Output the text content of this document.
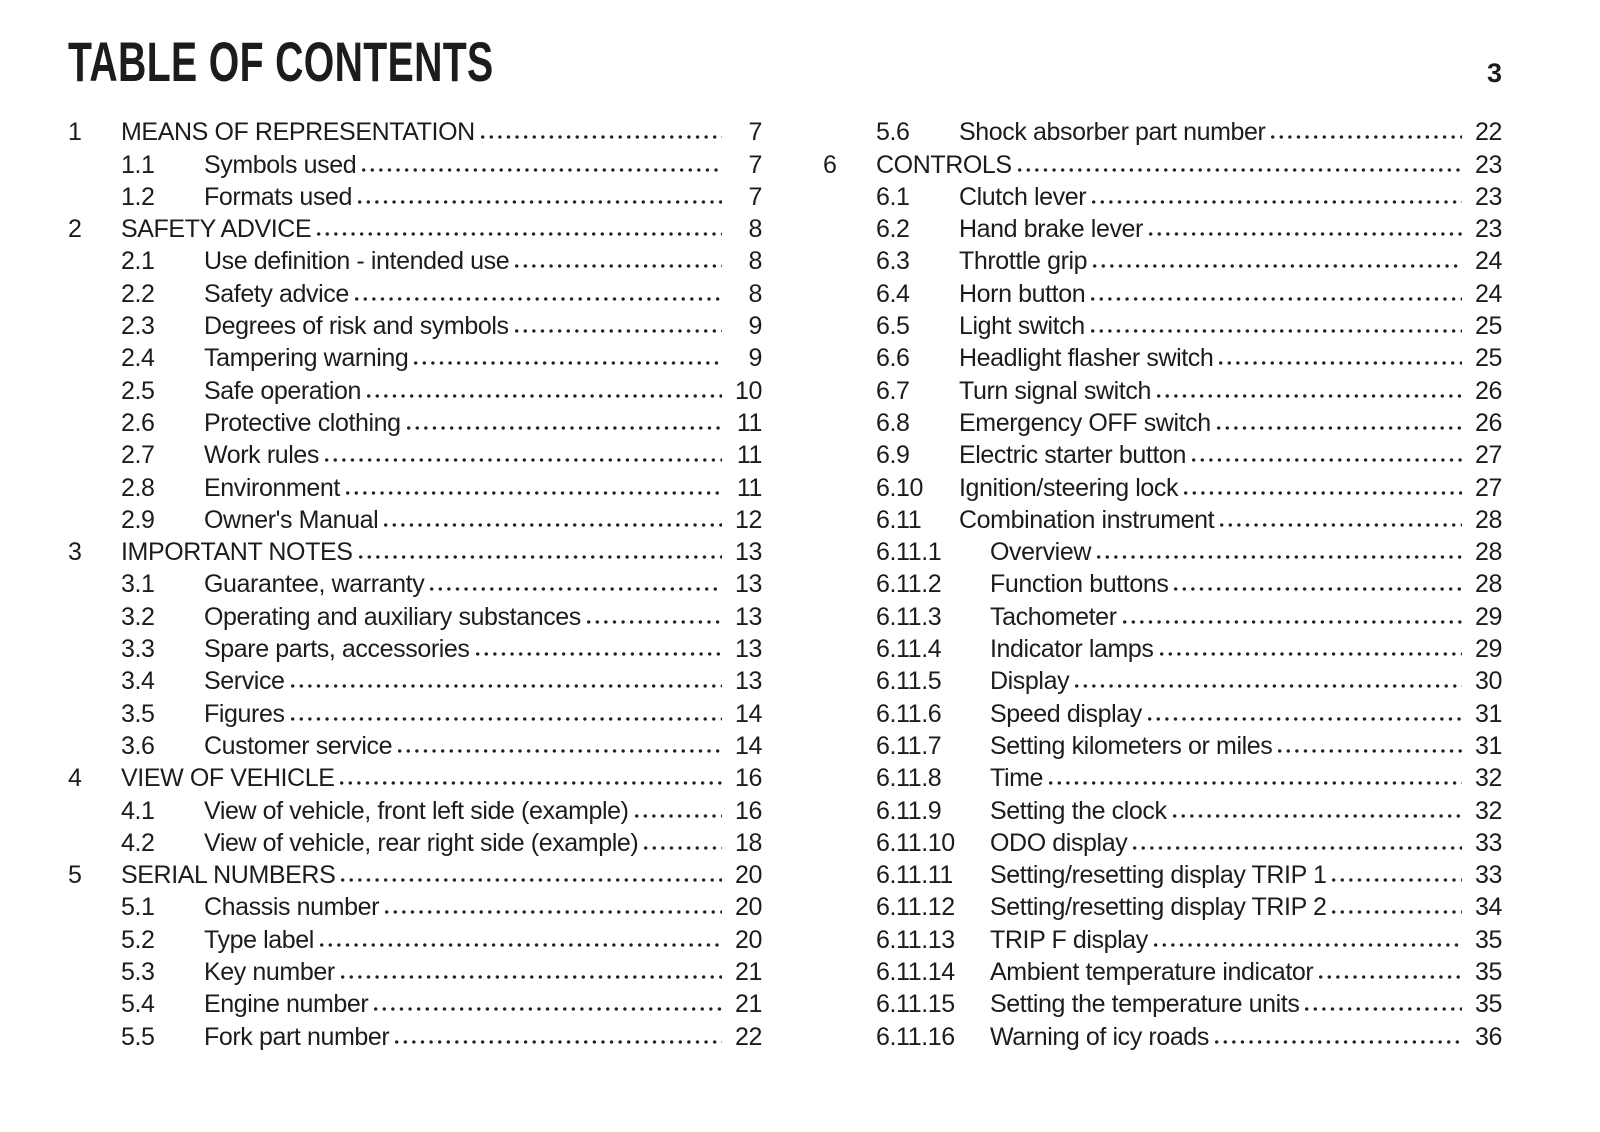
TABLE OF CONTENTS	3
1	MEANS OF REPRESENTATION	7
1.1	Symbols used	7
1.2	Formats used	7
2	SAFETY ADVICE	8
2.1	Use definition - intended use	8
2.2	Safety advice	8
2.3	Degrees of risk and symbols	9
2.4	Tampering warning	9
2.5	Safe operation	10
2.6	Protective clothing	11
2.7	Work rules	11
2.8	Environment	11
2.9	Owner's Manual	12
3	IMPORTANT NOTES	13
3.1	Guarantee, warranty	13
3.2	Operating and auxiliary substances	13
3.3	Spare parts, accessories	13
3.4	Service	13
3.5	Figures	14
3.6	Customer service	14
4	VIEW OF VEHICLE	16
4.1	View of vehicle, front left side (example)	16
4.2	View of vehicle, rear right side (example)	18
5	SERIAL NUMBERS	20
5.1	Chassis number	20
5.2	Type label	20
5.3	Key number	21
5.4	Engine number	21
5.5	Fork part number	22
5.6	Shock absorber part number	22
6	CONTROLS	23
6.1	Clutch lever	23
6.2	Hand brake lever	23
6.3	Throttle grip	24
6.4	Horn button	24
6.5	Light switch	25
6.6	Headlight flasher switch	25
6.7	Turn signal switch	26
6.8	Emergency OFF switch	26
6.9	Electric starter button	27
6.10	Ignition/steering lock	27
6.11	Combination instrument	28
6.11.1	Overview	28
6.11.2	Function buttons	28
6.11.3	Tachometer	29
6.11.4	Indicator lamps	29
6.11.5	Display	30
6.11.6	Speed display	31
6.11.7	Setting kilometers or miles	31
6.11.8	Time	32
6.11.9	Setting the clock	32
6.11.10	ODO display	33
6.11.11	Setting/resetting display TRIP 1	33
6.11.12	Setting/resetting display TRIP 2	34
6.11.13	TRIP F display	35
6.11.14	Ambient temperature indicator	35
6.11.15	Setting the temperature units	35
6.11.16	Warning of icy roads	36
